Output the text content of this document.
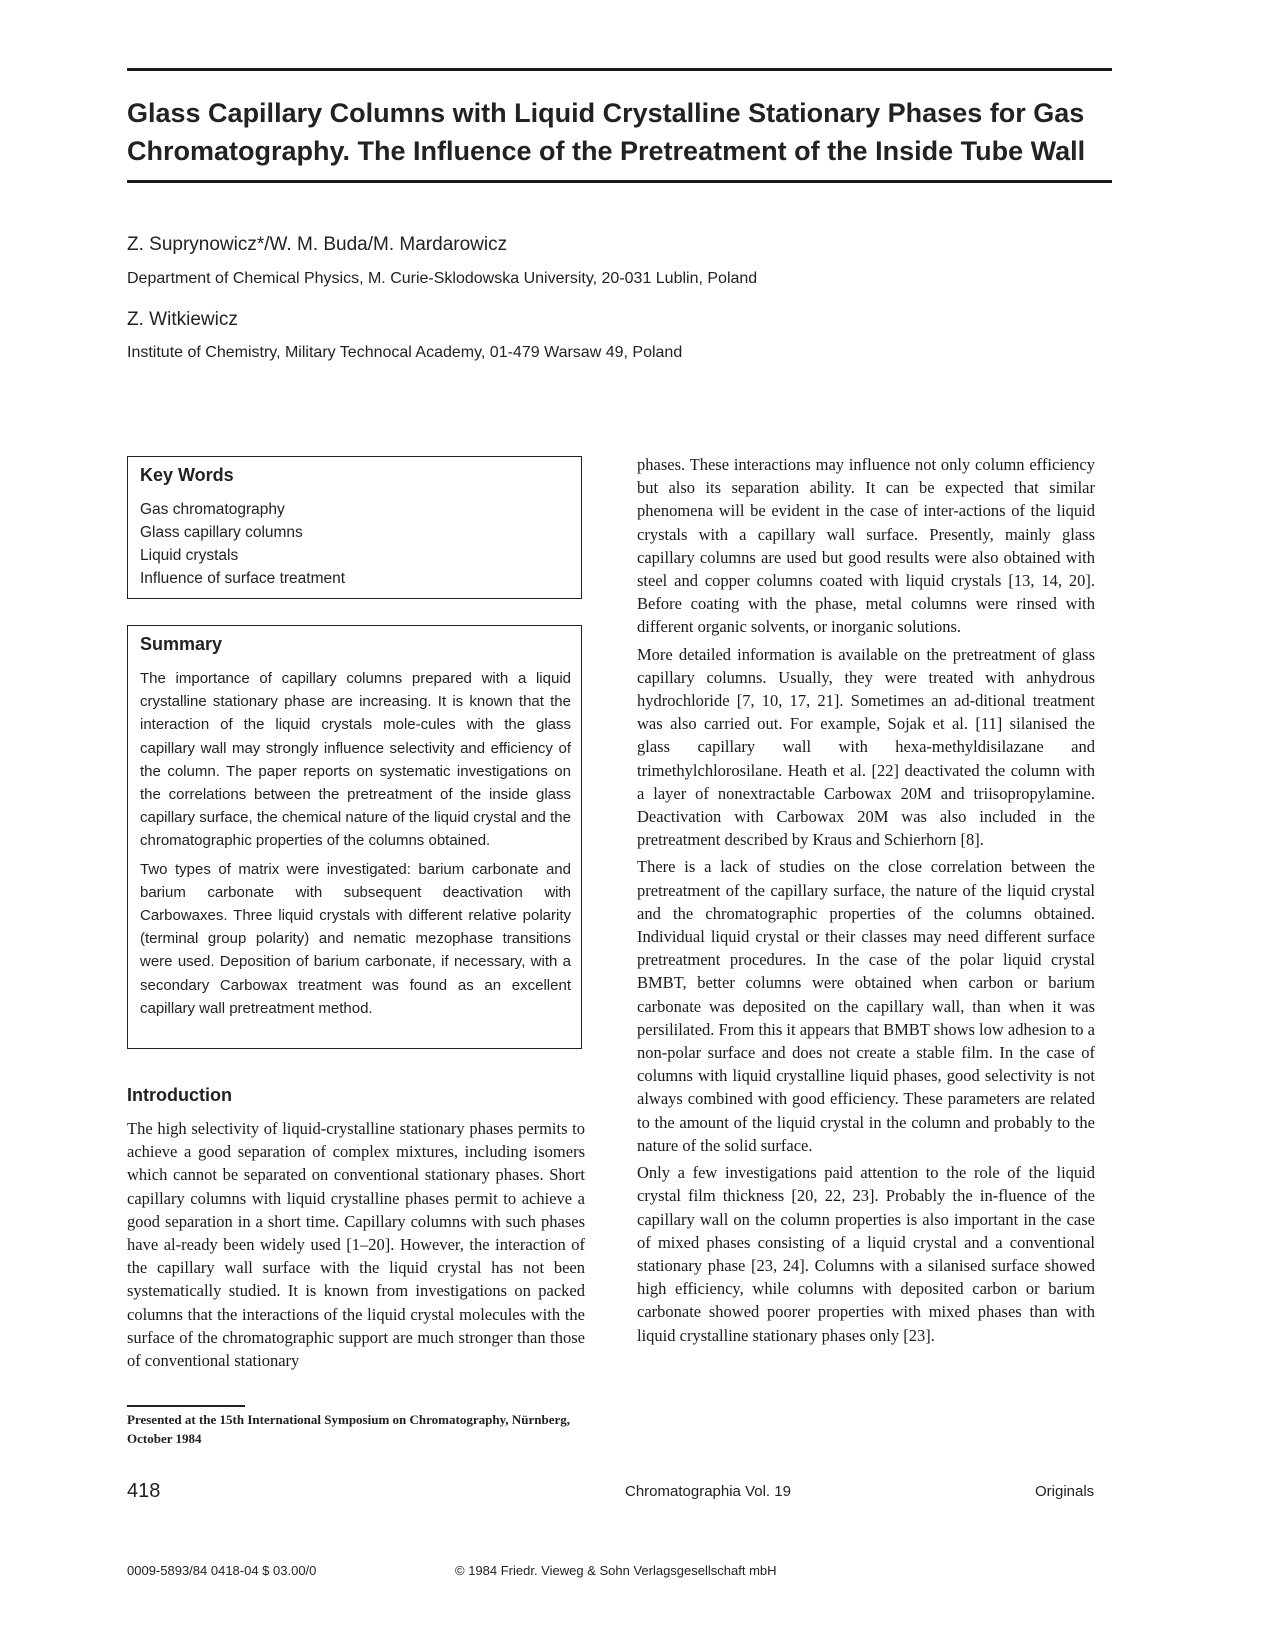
Glass Capillary Columns with Liquid Crystalline Stationary Phases for Gas
Chromatography. The Influence of the Pretreatment of the Inside Tube Wall
Z. Suprynowicz*/W. M. Buda/M. Mardarowicz
Department of Chemical Physics, M. Curie-Sklodowska University, 20-031 Lublin, Poland
Z. Witkiewicz
Institute of Chemistry, Military Technocal Academy, 01-479 Warsaw 49, Poland
Key Words
Gas chromatography
Glass capillary columns
Liquid crystals
Influence of surface treatment
Summary

The importance of capillary columns prepared with a liquid crystalline stationary phase are increasing. It is known that the interaction of the liquid crystals mole-cules with the glass capillary wall may strongly influence selectivity and efficiency of the column. The paper reports on systematic investigations on the correlations between the pretreatment of the inside glass capillary surface, the chemical nature of the liquid crystal and the chromatographic properties of the columns obtained.

Two types of matrix were investigated: barium carbonate and barium carbonate with subsequent deactivation with Carbowaxes. Three liquid crystals with different relative polarity (terminal group polarity) and nematic mezophase transitions were used. Deposition of barium carbonate, if necessary, with a secondary Carbowax treatment was found as an excellent capillary wall pretreatment method.

Introduction

The high selectivity of liquid-crystalline stationary phases permits to achieve a good separation of complex mixtures, including isomers which cannot be separated on conventional stationary phases. Short capillary columns with liquid crystalline phases permit to achieve a good separation in a short time. Capillary columns with such phases have al-ready been widely used [1–20]. However, the interaction of the capillary wall surface with the liquid crystal has not been systematically studied. It is known from investigations on packed columns that the interactions of the liquid crystal molecules with the surface of the chromatographic support are much stronger than those of conventional stationary

Presented at the 15th International Symposium on Chromatography, Nürnberg, October 1984

phases. These interactions may influence not only column efficiency but also its separation ability. It can be expected that similar phenomena will be evident in the case of inter-actions of the liquid crystals with a capillary wall surface. Presently, mainly glass capillary columns are used but good results were also obtained with steel and copper columns coated with liquid crystals [13, 14, 20]. Before coating with the phase, metal columns were rinsed with different organic solvents, or inorganic solutions.

More detailed information is available on the pretreatment of glass capillary columns. Usually, they were treated with anhydrous hydrochloride [7, 10, 17, 21]. Sometimes an ad-ditional treatment was also carried out. For example, Sojak et al. [11] silanised the glass capillary wall with hexa-methyldisilazane and trimethylchlorosilane. Heath et al. [22] deactivated the column with a layer of nonextractable Carbowax 20M and triisopropylamine. Deactivation with Carbowax 20M was also included in the pretreatment described by Kraus and Schierhorn [8].

There is a lack of studies on the close correlation between the pretreatment of the capillary surface, the nature of the liquid crystal and the chromatographic properties of the columns obtained. Individual liquid crystal or their classes may need different surface pretreatment procedures. In the case of the polar liquid crystal BMBT, better columns were obtained when carbon or barium carbonate was deposited on the capillary wall, than when it was persililated. From this it appears that BMBT shows low adhesion to a non-polar surface and does not create a stable film. In the case of columns with liquid crystalline liquid phases, good selectivity is not always combined with good efficiency. These parameters are related to the amount of the liquid crystal in the column and probably to the nature of the solid surface.

Only a few investigations paid attention to the role of the liquid crystal film thickness [20, 22, 23]. Probably the in-fluence of the capillary wall on the column properties is also important in the case of mixed phases consisting of a liquid crystal and a conventional stationary phase [23, 24]. Columns with a silanised surface showed high efficiency, while columns with deposited carbon or barium carbonate showed poorer properties with mixed phases than with liquid crystalline stationary phases only [23].

418	Chromatographia Vol. 19	Originals
0009-5893/84 0418-04 $ 03.00/0	© 1984 Friedr. Vieweg & Sohn Verlagsgesellschaft mbH
